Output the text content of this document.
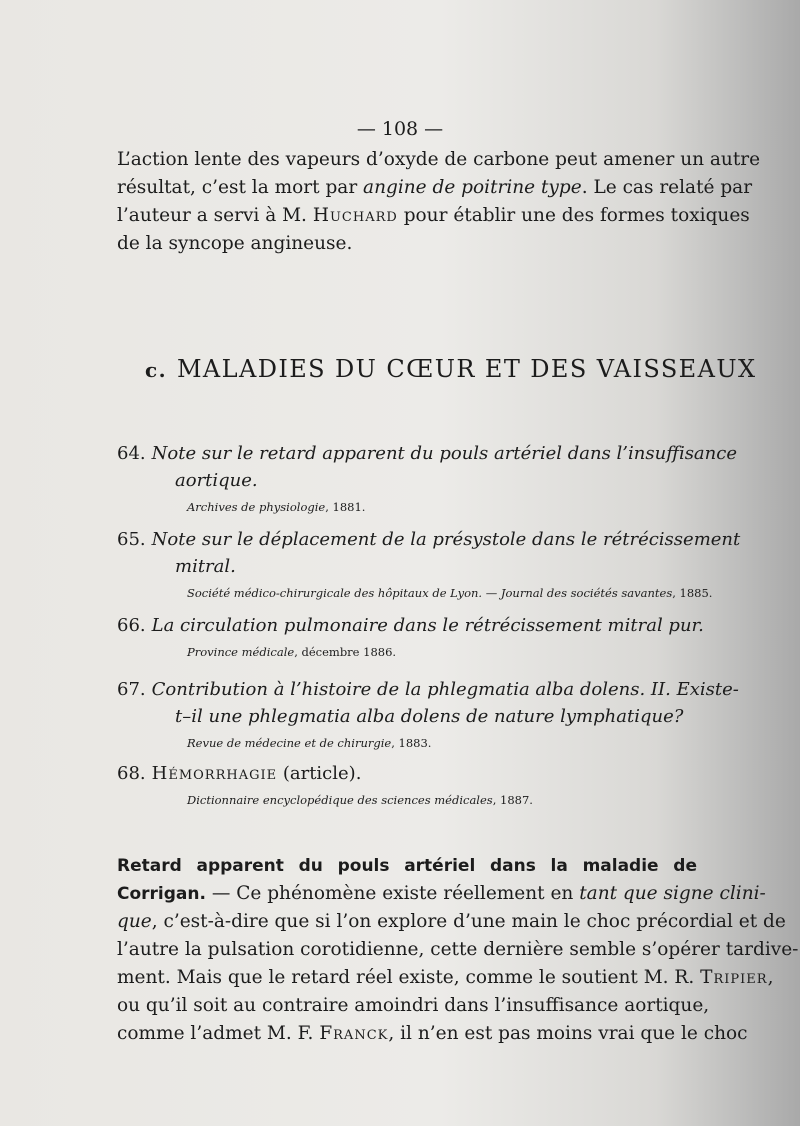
— 108 —

L’action lente des vapeurs d’oxyde de carbone peut amener un autre
résultat, c’est la mort par angine de poitrine type. Le cas relaté par
l’auteur a servi à M. Huchard pour établir une des formes toxiques
de la syncope angineuse.

c. MALADIES DU CŒUR ET DES VAISSEAUX
64. Note sur le retard apparent du pouls artériel dans l’insuffisance
aortique.
Archives de physiologie, 1881.
65. Note sur le déplacement de la présystole dans le rétrécissement
mitral.
Société médico-chirurgicale des hôpitaux de Lyon. — Journal des sociétés savantes, 1885.
66. La circulation pulmonaire dans le rétrécissement mitral pur.
Province médicale, décembre 1886.
67. Contribution à l’histoire de la phlegmatia alba dolens. II. Existe-
t–il une phlegmatia alba dolens de nature lymphatique?
Revue de médecine et de chirurgie, 1883.
68. Hémorrhagie (article).
Dictionnaire encyclopédique des sciences médicales, 1887.

Retard apparent du pouls artériel dans la maladie de
Corrigan. — Ce phénomène existe réellement en tant que signe clini-
que, c’est-à-dire que si l’on explore d’une main le choc précordial et de
l’autre la pulsation corotidienne, cette dernière semble s’opérer tardive-
ment. Mais que le retard réel existe, comme le soutient M. R. Tripier,
ou qu’il soit au contraire amoindri dans l’insuffisance aortique,
comme l’admet M. F. Franck, il n’en est pas moins vrai que le choc
